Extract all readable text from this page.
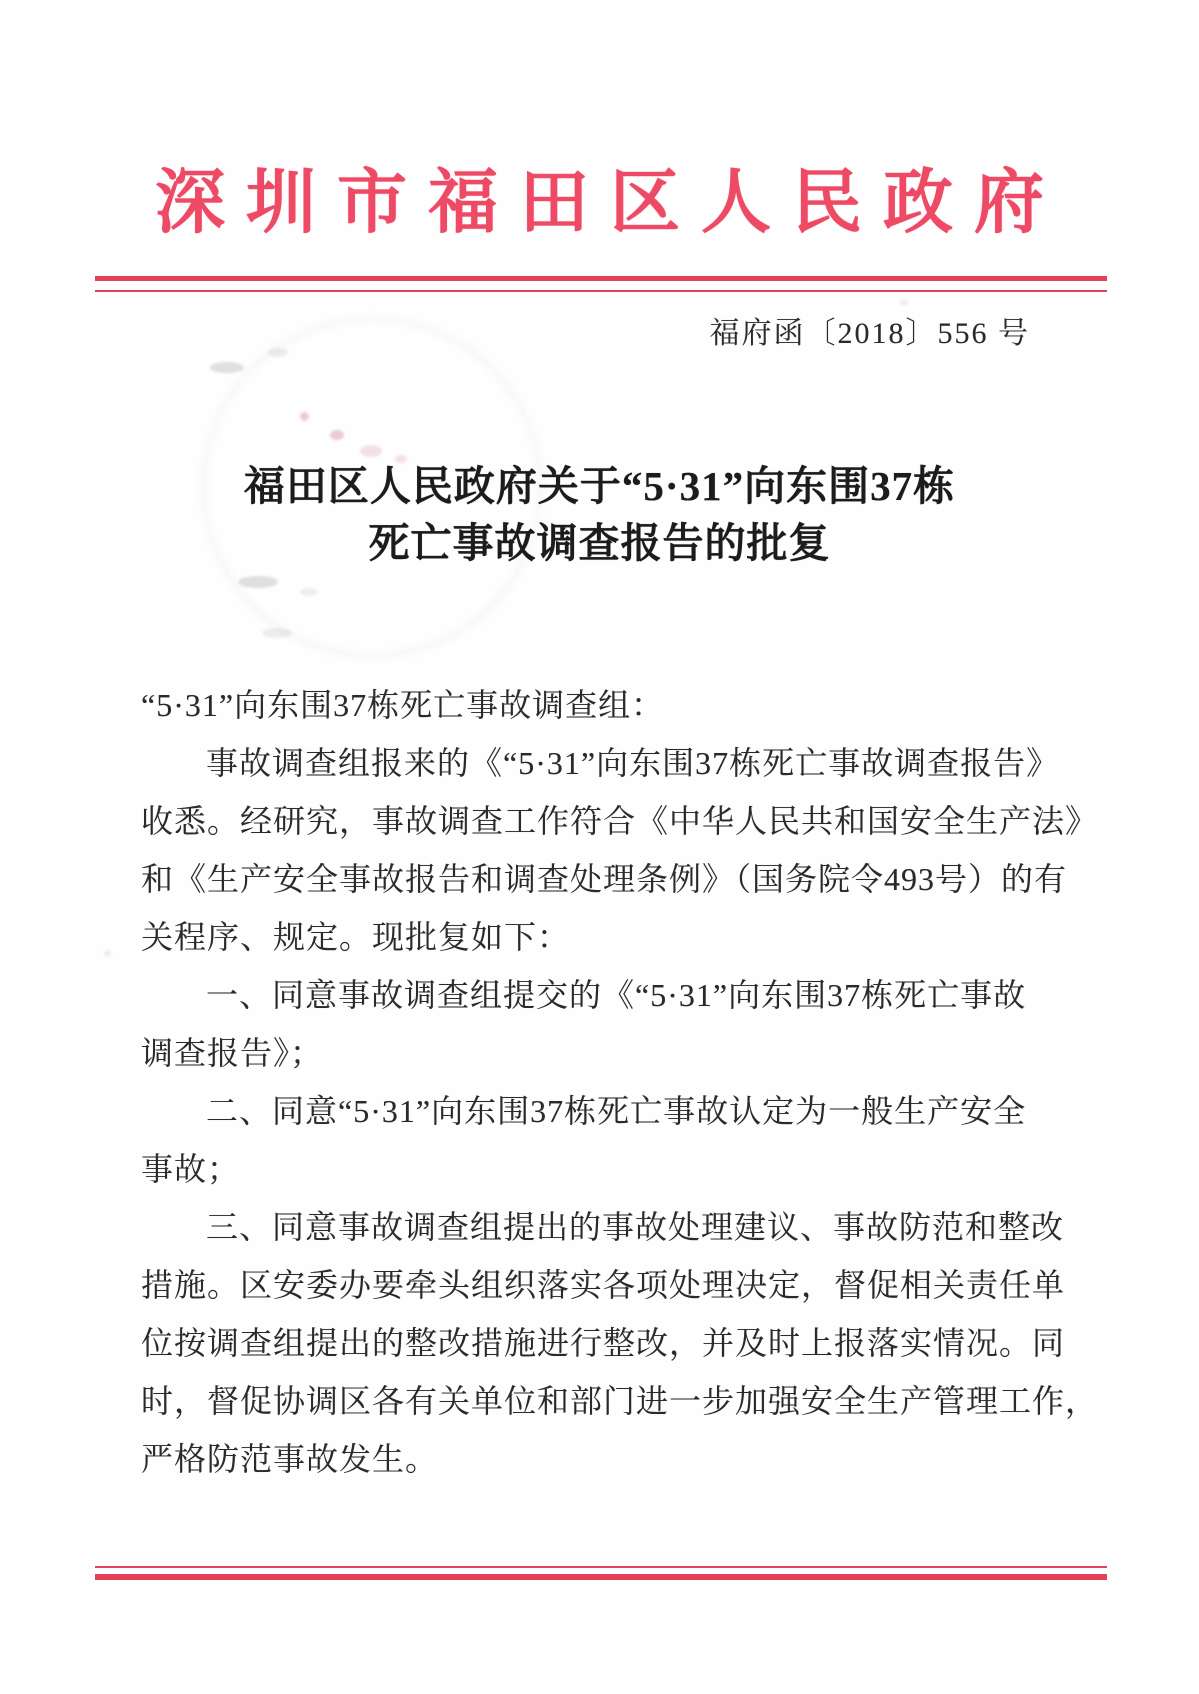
深圳市福田区人民政府
福府函〔2018〕556 号
福田区人民政府关于“5·31”向东围37栋
死亡事故调查报告的批复
“5·31”向东围37栋死亡事故调查组：
事故调查组报来的《“5·31”向东围37栋死亡事故调查报告》
收悉。经研究，事故调查工作符合《中华人民共和国安全生产法》
和《生产安全事故报告和调查处理条例》（国务院令493号）的有
关程序、规定。现批复如下：
一、同意事故调查组提交的《“5·31”向东围37栋死亡事故
调查报告》；
二、同意“5·31”向东围37栋死亡事故认定为一般生产安全
事故；
三、同意事故调查组提出的事故处理建议、事故防范和整改
措施。区安委办要牵头组织落实各项处理决定，督促相关责任单
位按调查组提出的整改措施进行整改，并及时上报落实情况。同
时，督促协调区各有关单位和部门进一步加强安全生产管理工作，
严格防范事故发生。
